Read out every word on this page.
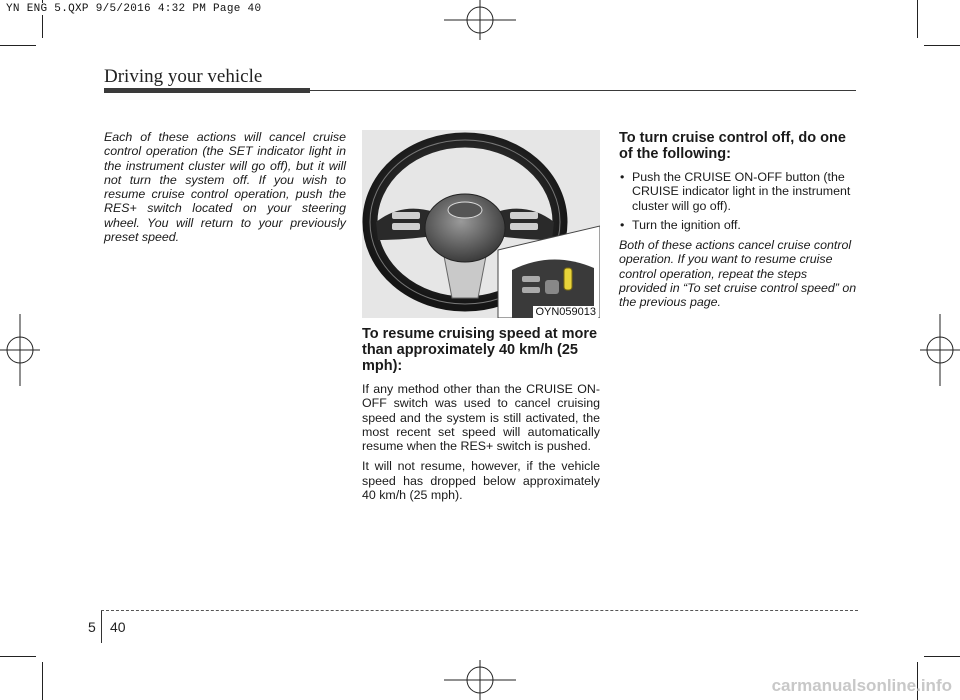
YN ENG 5.QXP 9/5/2016 4:32 PM Page 40
Driving your vehicle

Each of these actions will cancel cruise control operation (the SET indicator light in the instrument cluster will go off), but it will not turn the system off. If you wish to resume cruise control operation, push the RES+ switch located on your steering wheel. You will return to your previously preset speed.

OYN059013
To resume cruising speed at more than approximately 40 km/h (25 mph):

If any method other than the CRUISE ON-OFF switch was used to cancel cruising speed and the system is still activated, the most recent set speed will automatically resume when the RES+ switch is pushed.

It will not resume, however, if the vehicle speed has dropped below approximately 40 km/h (25 mph).

To turn cruise control off, do one of the following:
• Push the CRUISE ON-OFF button (the CRUISE indicator light in the instrument cluster will go off).
• Turn the ignition off.

Both of these actions cancel cruise control operation. If you want to resume cruise control operation, repeat the steps provided in “To set cruise control speed” on the previous page.

5 40
carmanualsonline.info
